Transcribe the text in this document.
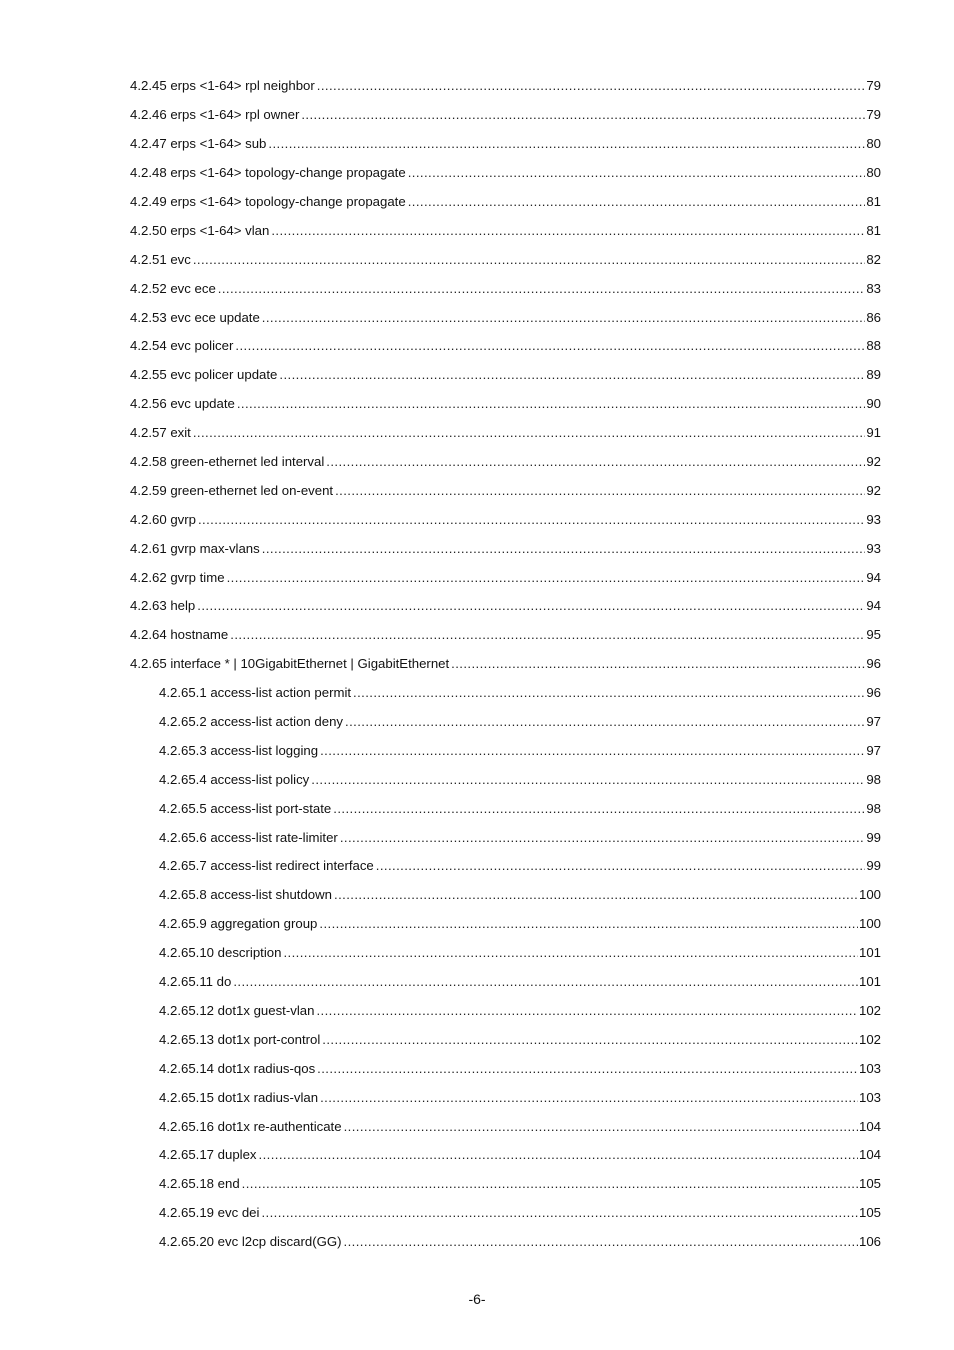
4.2.45 erps <1-64> rpl neighbor .....	79
4.2.46 erps <1-64> rpl owner .....	79
4.2.47 erps <1-64> sub .....	80
4.2.48 erps <1-64> topology-change propagate .....	80
4.2.49 erps <1-64> topology-change propagate .....	81
4.2.50 erps <1-64> vlan .....	81
4.2.51 evc .....	82
4.2.52 evc ece .....	83
4.2.53 evc ece update .....	86
4.2.54 evc policer .....	88
4.2.55 evc policer update .....	89
4.2.56 evc update .....	90
4.2.57 exit .....	91
4.2.58 green-ethernet led interval .....	92
4.2.59 green-ethernet led on-event .....	92
4.2.60 gvrp .....	93
4.2.61 gvrp max-vlans .....	93
4.2.62 gvrp time .....	94
4.2.63 help .....	94
4.2.64 hostname .....	95
4.2.65 interface * | 10GigabitEthernet | GigabitEthernet .....	96
4.2.65.1 access-list action permit .....	96
4.2.65.2 access-list action deny .....	97
4.2.65.3 access-list logging .....	97
4.2.65.4 access-list policy .....	98
4.2.65.5 access-list port-state .....	98
4.2.65.6 access-list rate-limiter .....	99
4.2.65.7 access-list redirect interface .....	99
4.2.65.8 access-list shutdown .....	100
4.2.65.9 aggregation group .....	100
4.2.65.10 description .....	101
4.2.65.11 do .....	101
4.2.65.12 dot1x guest-vlan .....	102
4.2.65.13 dot1x port-control .....	102
4.2.65.14 dot1x radius-qos .....	103
4.2.65.15 dot1x radius-vlan .....	103
4.2.65.16 dot1x re-authenticate .....	104
4.2.65.17 duplex .....	104
4.2.65.18 end .....	105
4.2.65.19 evc dei .....	105
4.2.65.20 evc l2cp discard(GG) .....	106
-6-
